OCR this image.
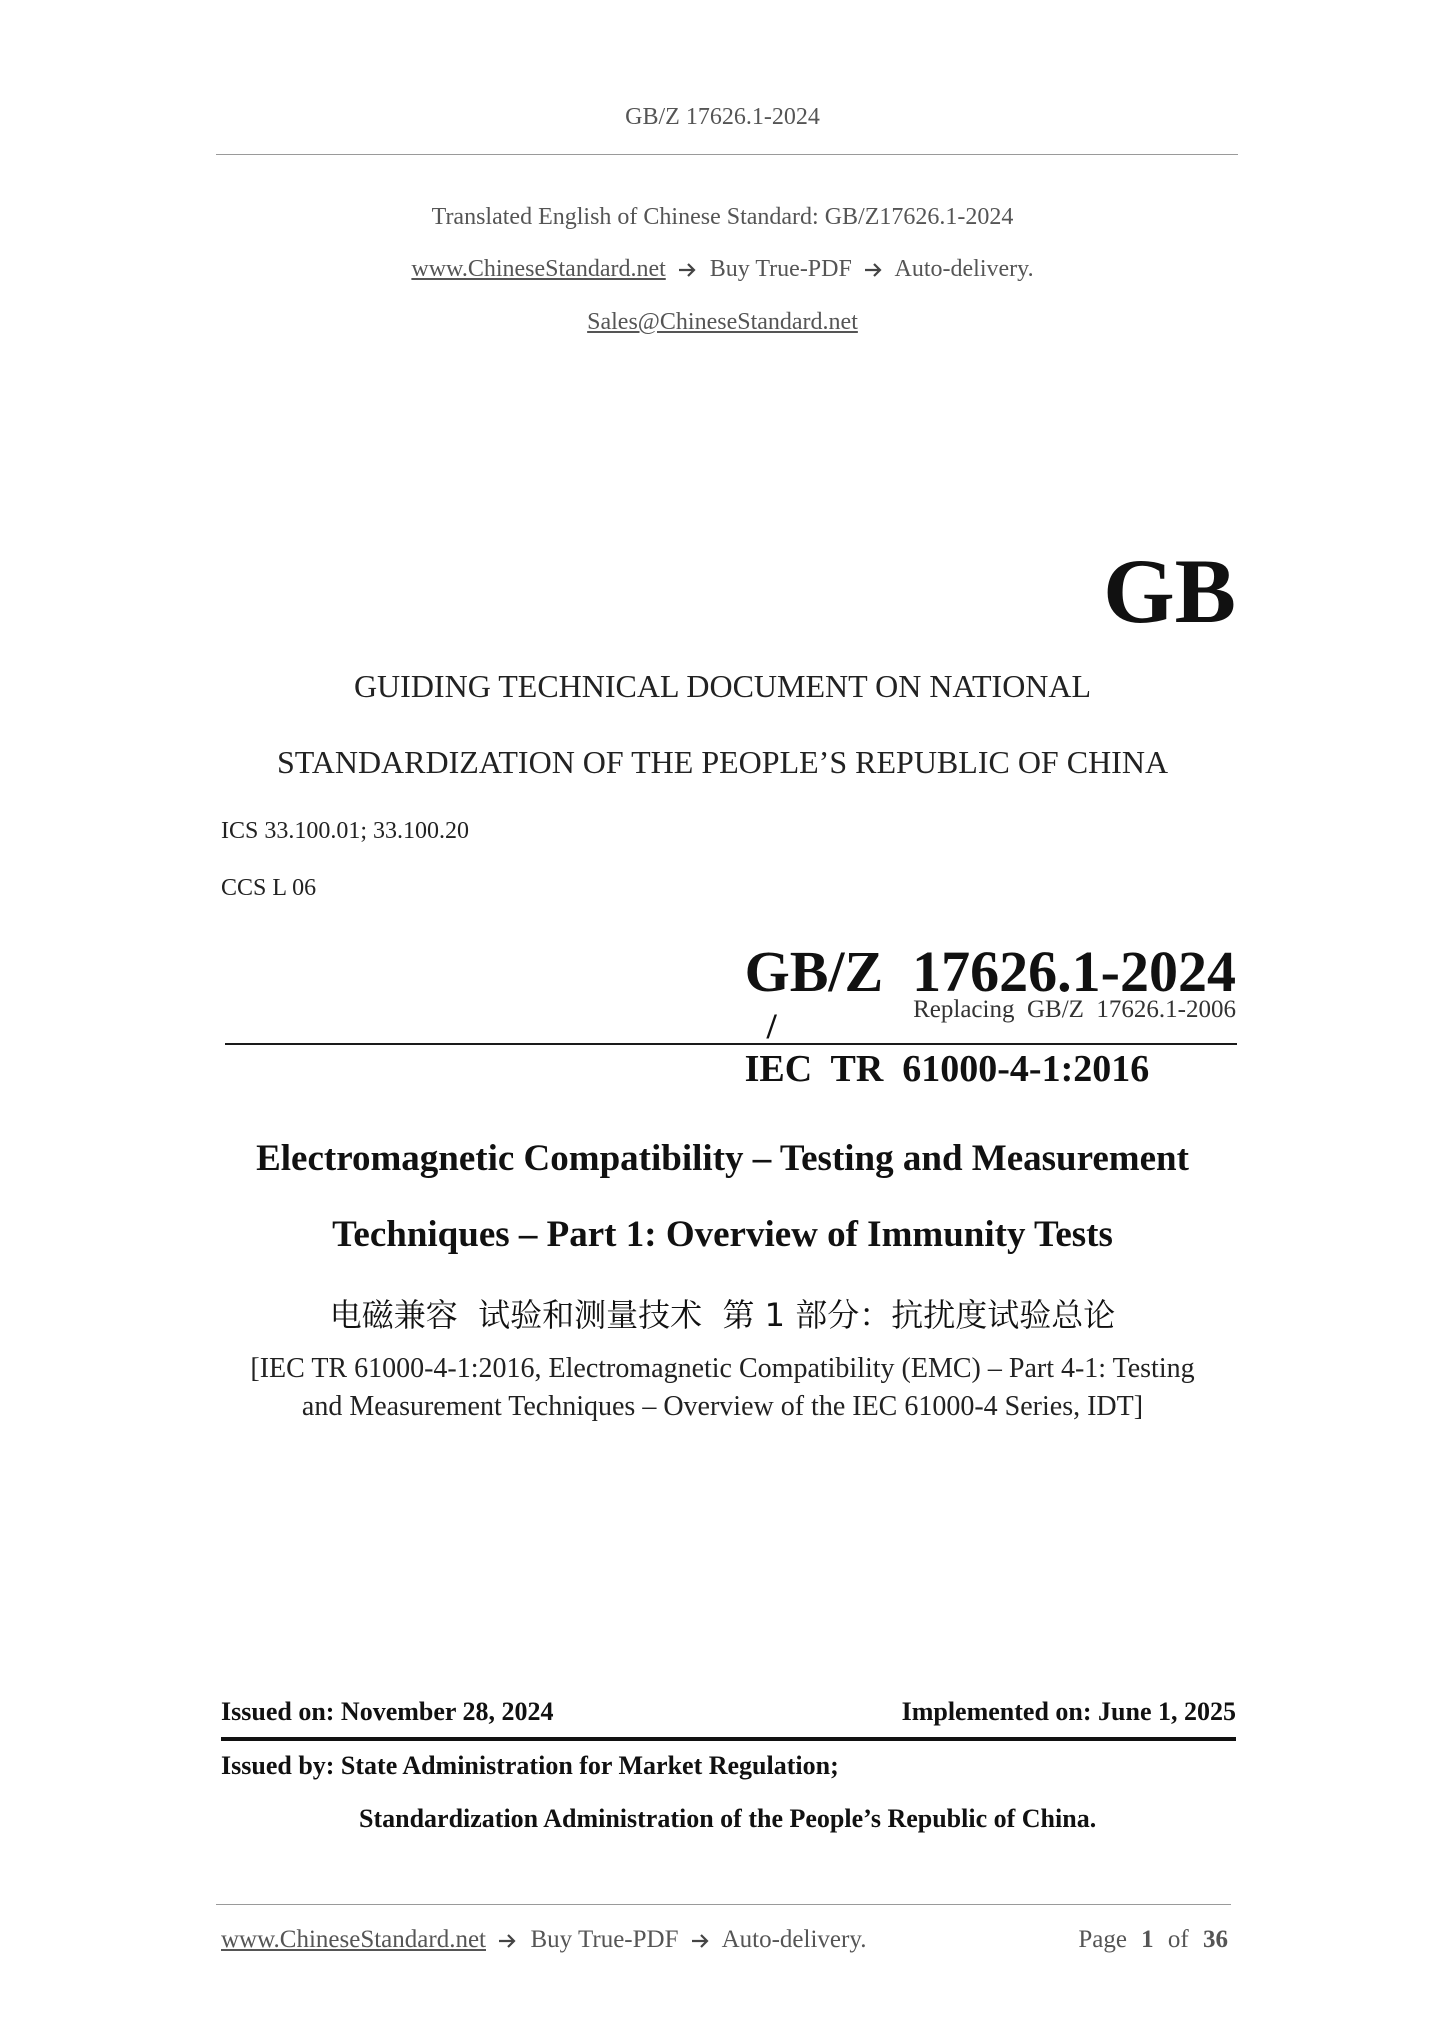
GB/Z 17626.1-2024
Translated English of Chinese Standard: GB/Z17626.1-2024
www.ChineseStandard.net Buy True-PDF Auto-delivery.
Sales@ChineseStandard.net
GB
GUIDING TECHNICAL DOCUMENT ON NATIONAL
STANDARDIZATION OF THE PEOPLE’S REPUBLIC OF CHINA
ICS 33.100.01; 33.100.20
CCS L 06

GB/Z  17626.1-2024
/
IEC  TR  61000-4-1:2016

Replacing  GB/Z  17626.1-2006
Electromagnetic Compatibility – Testing and Measurement
Techniques – Part 1: Overview of Immunity Tests
电磁兼容  试验和测量技术  第 1 部分：抗扰度试验总论
[IEC TR 61000-4-1:2016, Electromagnetic Compatibility (EMC) – Part 4-1: Testing
and Measurement Techniques – Overview of the IEC 61000-4 Series, IDT]
Issued on: November 28, 2024	Implemented on: June 1, 2025
Issued by: State Administration for Market Regulation;
Standardization Administration of the People’s Republic of China.
www.ChineseStandard.net Buy True-PDF Auto-delivery.	Page 1 of 36
